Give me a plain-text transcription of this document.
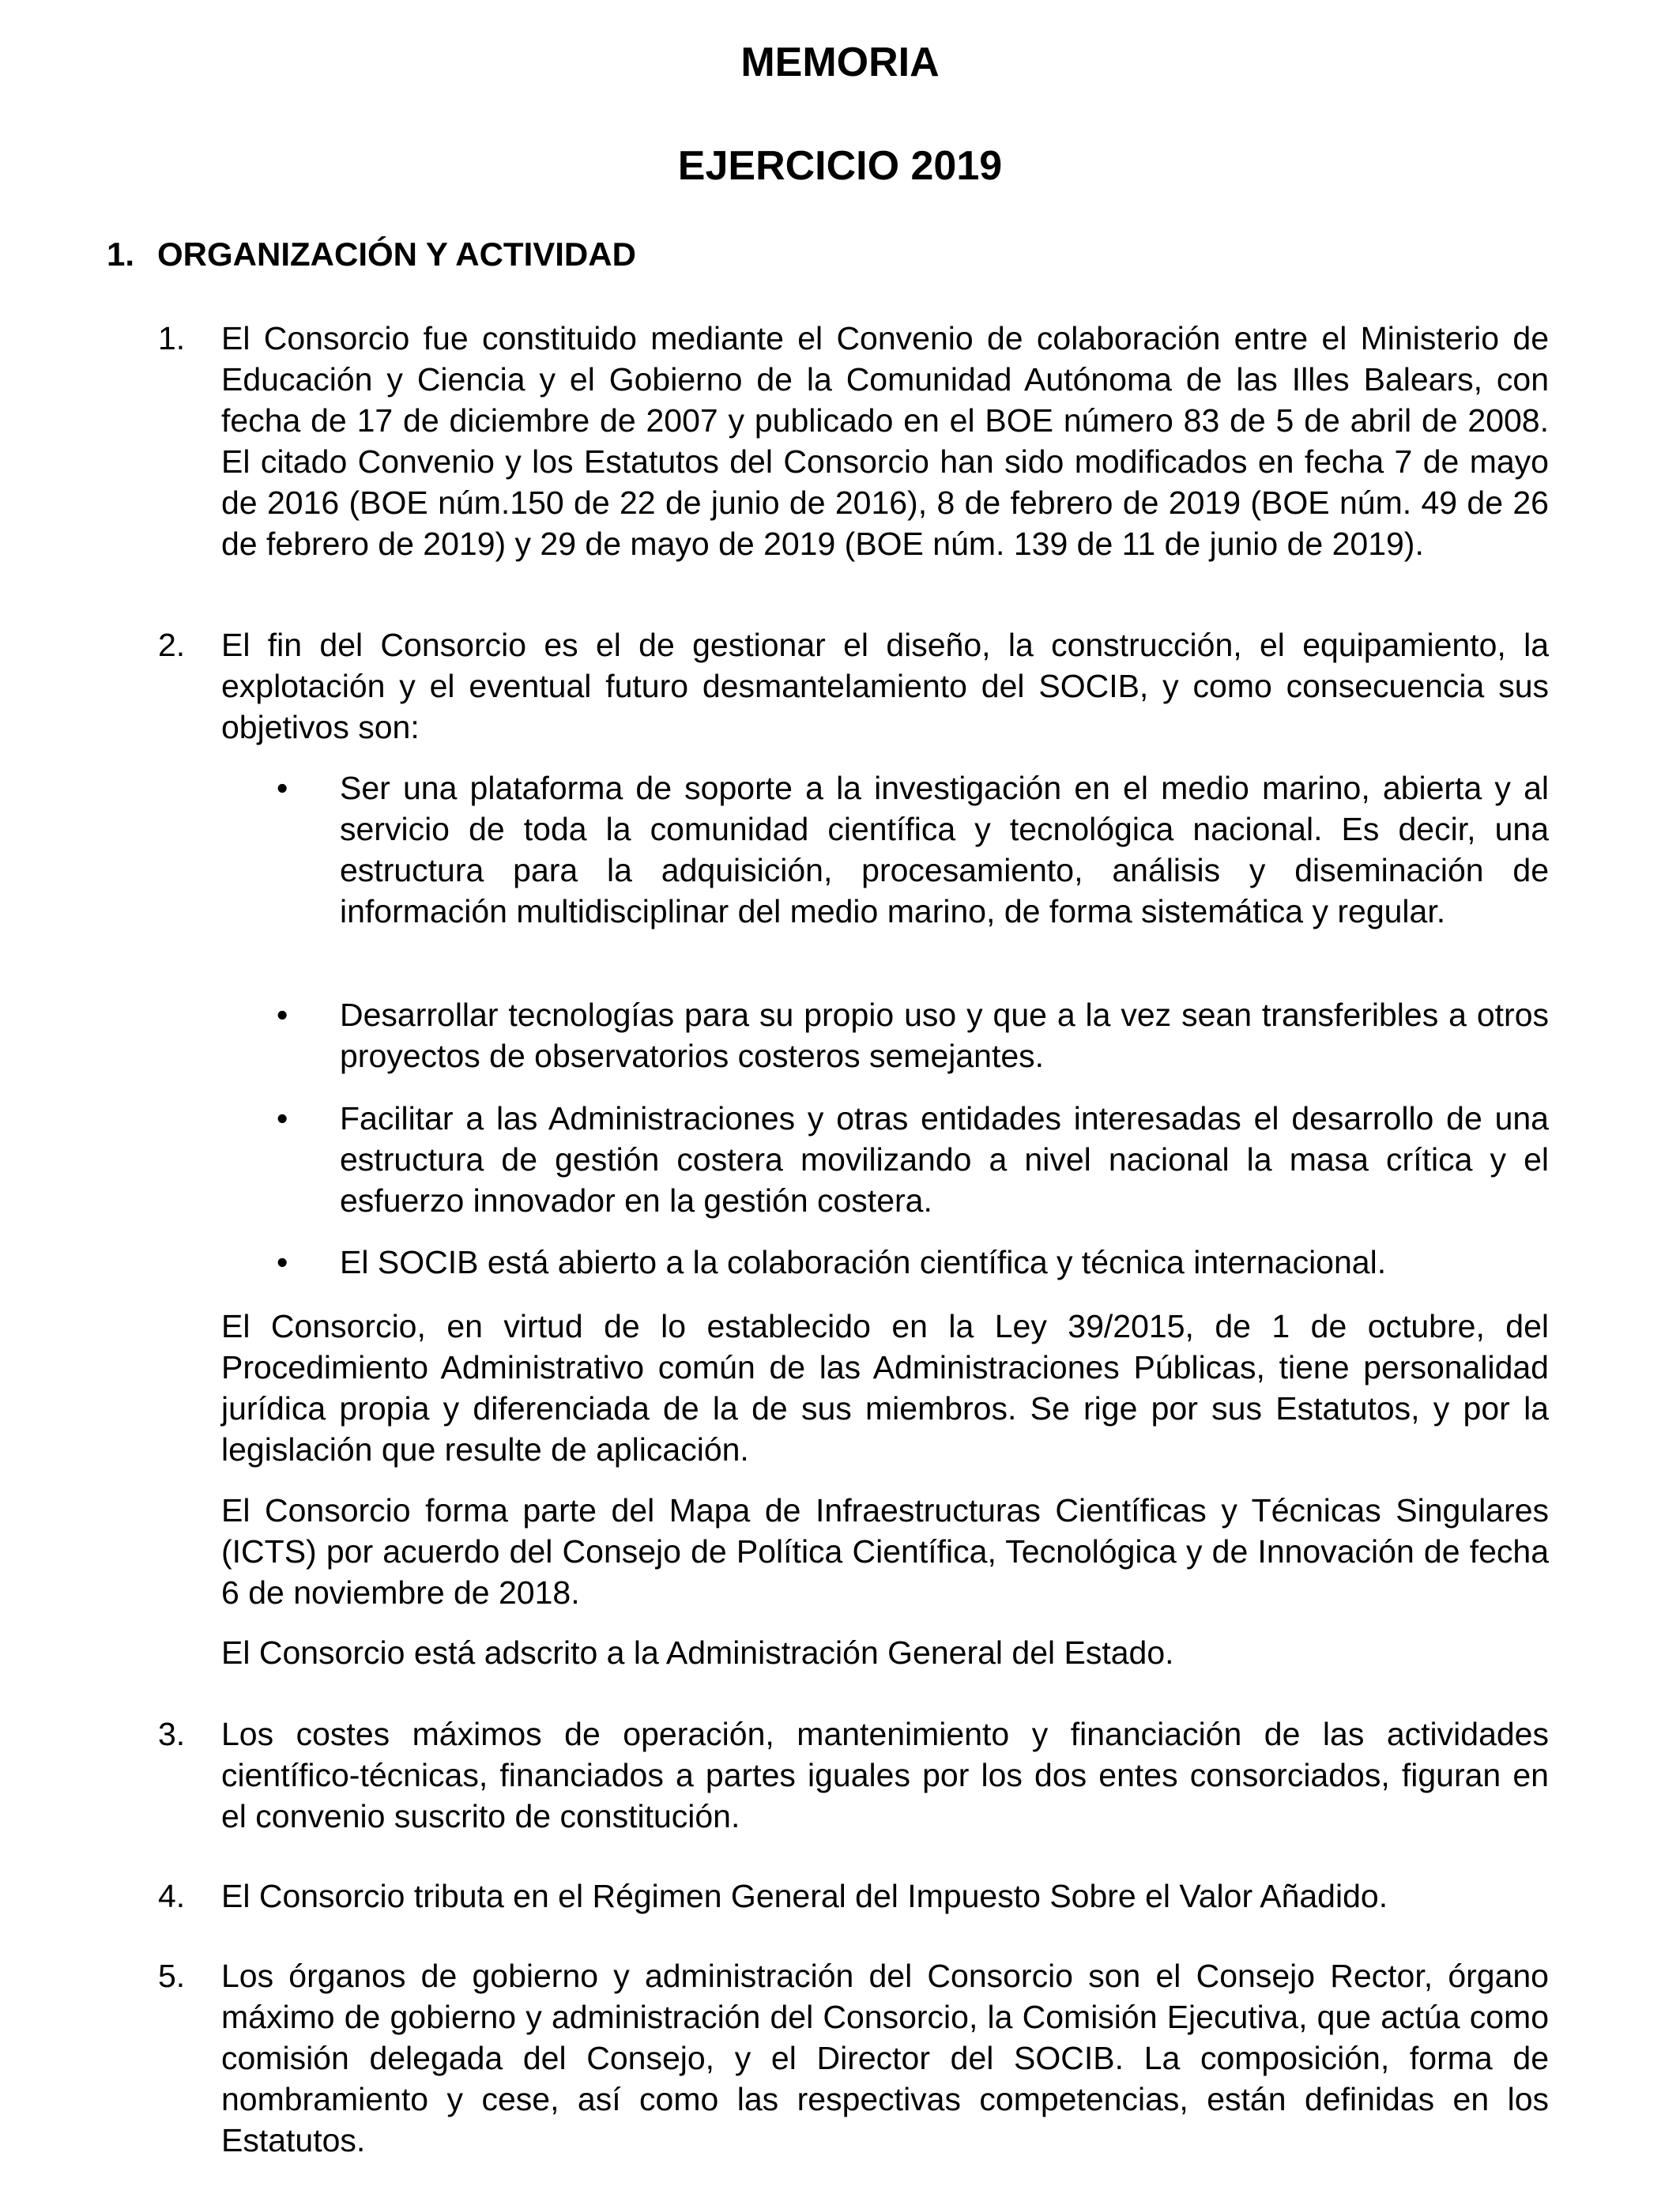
MEMORIA
EJERCICIO 2019
1. ORGANIZACIÓN Y ACTIVIDAD
1.	El Consorcio fue constituido mediante el Convenio de colaboración entre el Ministerio de Educación y Ciencia y el Gobierno de la Comunidad Autónoma de las Illes Balears, con fecha de 17 de diciembre de 2007 y publicado en el BOE número 83 de 5 de abril de 2008. El citado Convenio y los Estatutos del Consorcio han sido modificados en fecha 7 de mayo de 2016 (BOE núm.150 de 22 de junio de 2016), 8 de febrero de 2019 (BOE núm. 49 de 26 de febrero de 2019) y 29 de mayo de 2019 (BOE núm. 139 de 11 de junio de 2019).

2.	El fin del Consorcio es el de gestionar el diseño, la construcción, el equipamiento, la explotación y el eventual futuro desmantelamiento del SOCIB, y como consecuencia sus objetivos son:

•	Ser una plataforma de soporte a la investigación en el medio marino, abierta y al servicio de toda la comunidad científica y tecnológica nacional. Es decir, una estructura para la adquisición, procesamiento, análisis y diseminación de información multidisciplinar del medio marino, de forma sistemática y regular.

•	Desarrollar tecnologías para su propio uso y que a la vez sean transferibles a otros proyectos de observatorios costeros semejantes.

•	Facilitar a las Administraciones y otras entidades interesadas el desarrollo de una estructura de gestión costera movilizando a nivel nacional la masa crítica y el esfuerzo innovador en la gestión costera.

•	El SOCIB está abierto a la colaboración científica y técnica internacional.

El Consorcio, en virtud de lo establecido en la Ley 39/2015, de 1 de octubre, del Procedimiento Administrativo común de las Administraciones Públicas, tiene personalidad jurídica propia y diferenciada de la de sus miembros. Se rige por sus Estatutos, y por la legislación que resulte de aplicación.

El Consorcio forma parte del Mapa de Infraestructuras Científicas y Técnicas Singulares (ICTS) por acuerdo del Consejo de Política Científica, Tecnológica y de Innovación de fecha 6 de noviembre de 2018.

El Consorcio está adscrito a la Administración General del Estado.

3.	Los costes máximos de operación, mantenimiento y financiación de las actividades científico-técnicas, financiados a partes iguales por los dos entes consorciados, figuran en el convenio suscrito de constitución.

4.	El Consorcio tributa en el Régimen General del Impuesto Sobre el Valor Añadido.

5.	Los órganos de gobierno y administración del Consorcio son el Consejo Rector, órgano máximo de gobierno y administración del Consorcio, la Comisión Ejecutiva, que actúa como comisión delegada del Consejo, y el Director del SOCIB. La composición, forma de nombramiento y cese, así como las respectivas competencias, están definidas en los Estatutos.
